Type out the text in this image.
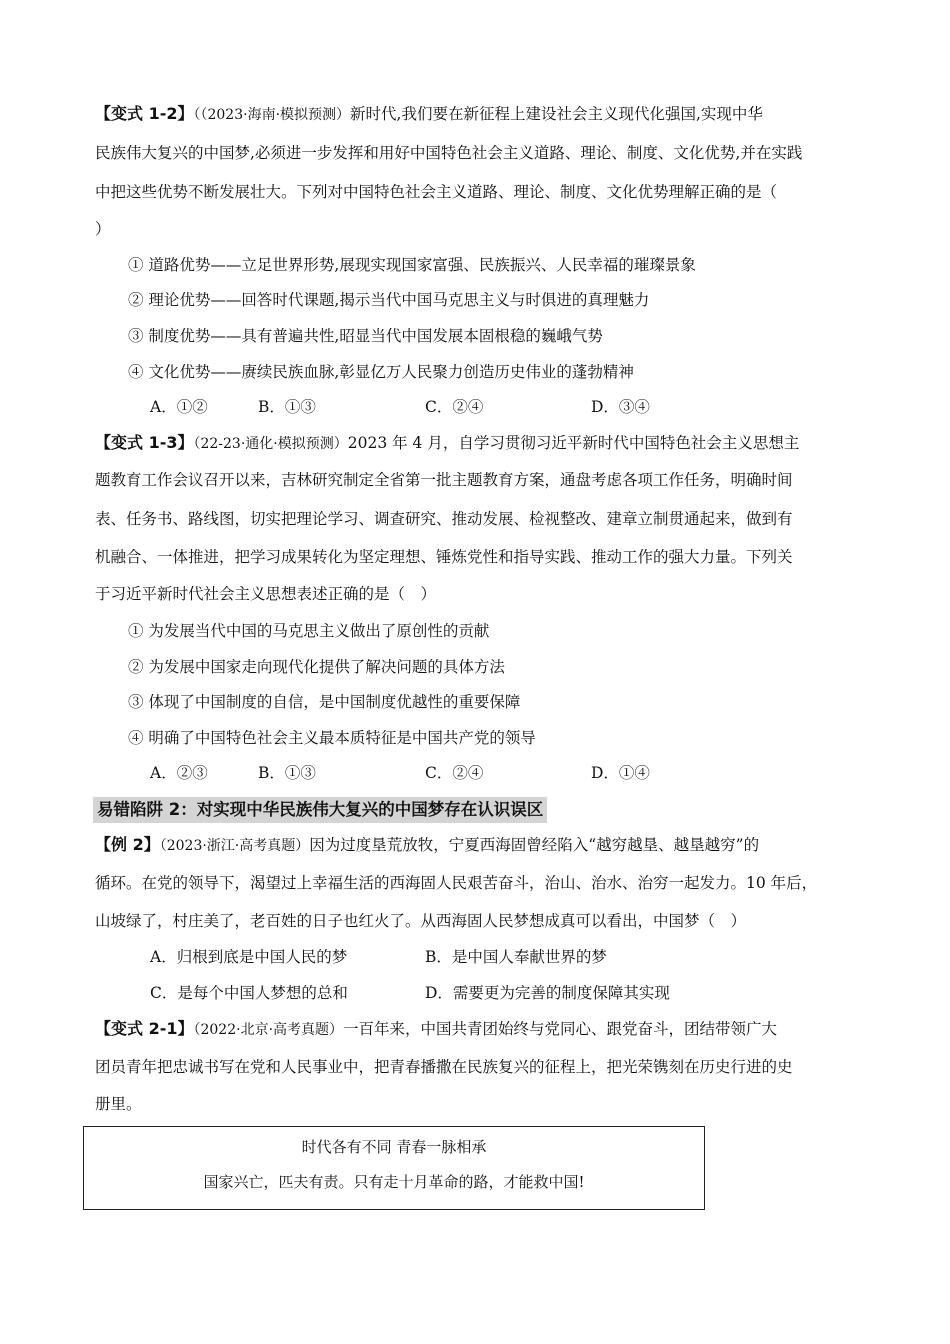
【变式 1-2】（（2023·海南·模拟预测）新时代,我们要在新征程上建设社会主义现代化强国,实现中华
民族伟大复兴的中国梦,必须进一步发挥和用好中国特色社会主义道路、理论、制度、文化优势,并在实践
中把这些优势不断发展壮大。下列对中国特色社会主义道路、理论、制度、文化优势理解正确的是（
）
① 道路优势——立足世界形势,展现实现国家富强、民族振兴、人民幸福的璀璨景象
② 理论优势——回答时代课题,揭示当代中国马克思主义与时俱进的真理魅力
③ 制度优势——具有普遍共性,昭显当代中国发展本固根稳的巍峨气势
④ 文化优势——赓续民族血脉,彰显亿万人民聚力创造历史伟业的蓬勃精神
A．①②	B．①③	C．②④	D．③④
【变式 1-3】（22-23·通化·模拟预测）2023 年 4 月，自学习贯彻习近平新时代中国特色社会主义思想主
题教育工作会议召开以来，吉林研究制定全省第一批主题教育方案，通盘考虑各项工作任务，明确时间
表、任务书、路线图，切实把理论学习、调查研究、推动发展、检视整改、建章立制贯通起来，做到有
机融合、一体推进，把学习成果转化为坚定理想、锤炼党性和指导实践、推动工作的强大力量。下列关
于习近平新时代社会主义思想表述正确的是（　）
① 为发展当代中国的马克思主义做出了原创性的贡献
② 为发展中国家走向现代化提供了解决问题的具体方法
③ 体现了中国制度的自信，是中国制度优越性的重要保障
④ 明确了中国特色社会主义最本质特征是中国共产党的领导
A．②③	B．①③	C．②④	D．①④
易错陷阱 2：对实现中华民族伟大复兴的中国梦存在认识误区
【例 2】（2023·浙江·高考真题）因为过度垦荒放牧，宁夏西海固曾经陷入“越穷越垦、越垦越穷”的
循环。在党的领导下，渴望过上幸福生活的西海固人民艰苦奋斗，治山、治水、治穷一起发力。10 年后，
山坡绿了，村庄美了，老百姓的日子也红火了。从西海固人民梦想成真可以看出，中国梦（　）
A．归根到底是中国人民的梦	B．是中国人奉献世界的梦
C．是每个中国人梦想的总和	D．需要更为完善的制度保障其实现
【变式 2-1】（2022·北京·高考真题）一百年来，中国共青团始终与党同心、跟党奋斗，团结带领广大
团员青年把忠诚书写在党和人民事业中，把青春播撒在民族复兴的征程上，把光荣镌刻在历史行进的史
册里。
时代各有不同 青春一脉相承
国家兴亡，匹夫有责。只有走十月革命的路，才能救中国!
